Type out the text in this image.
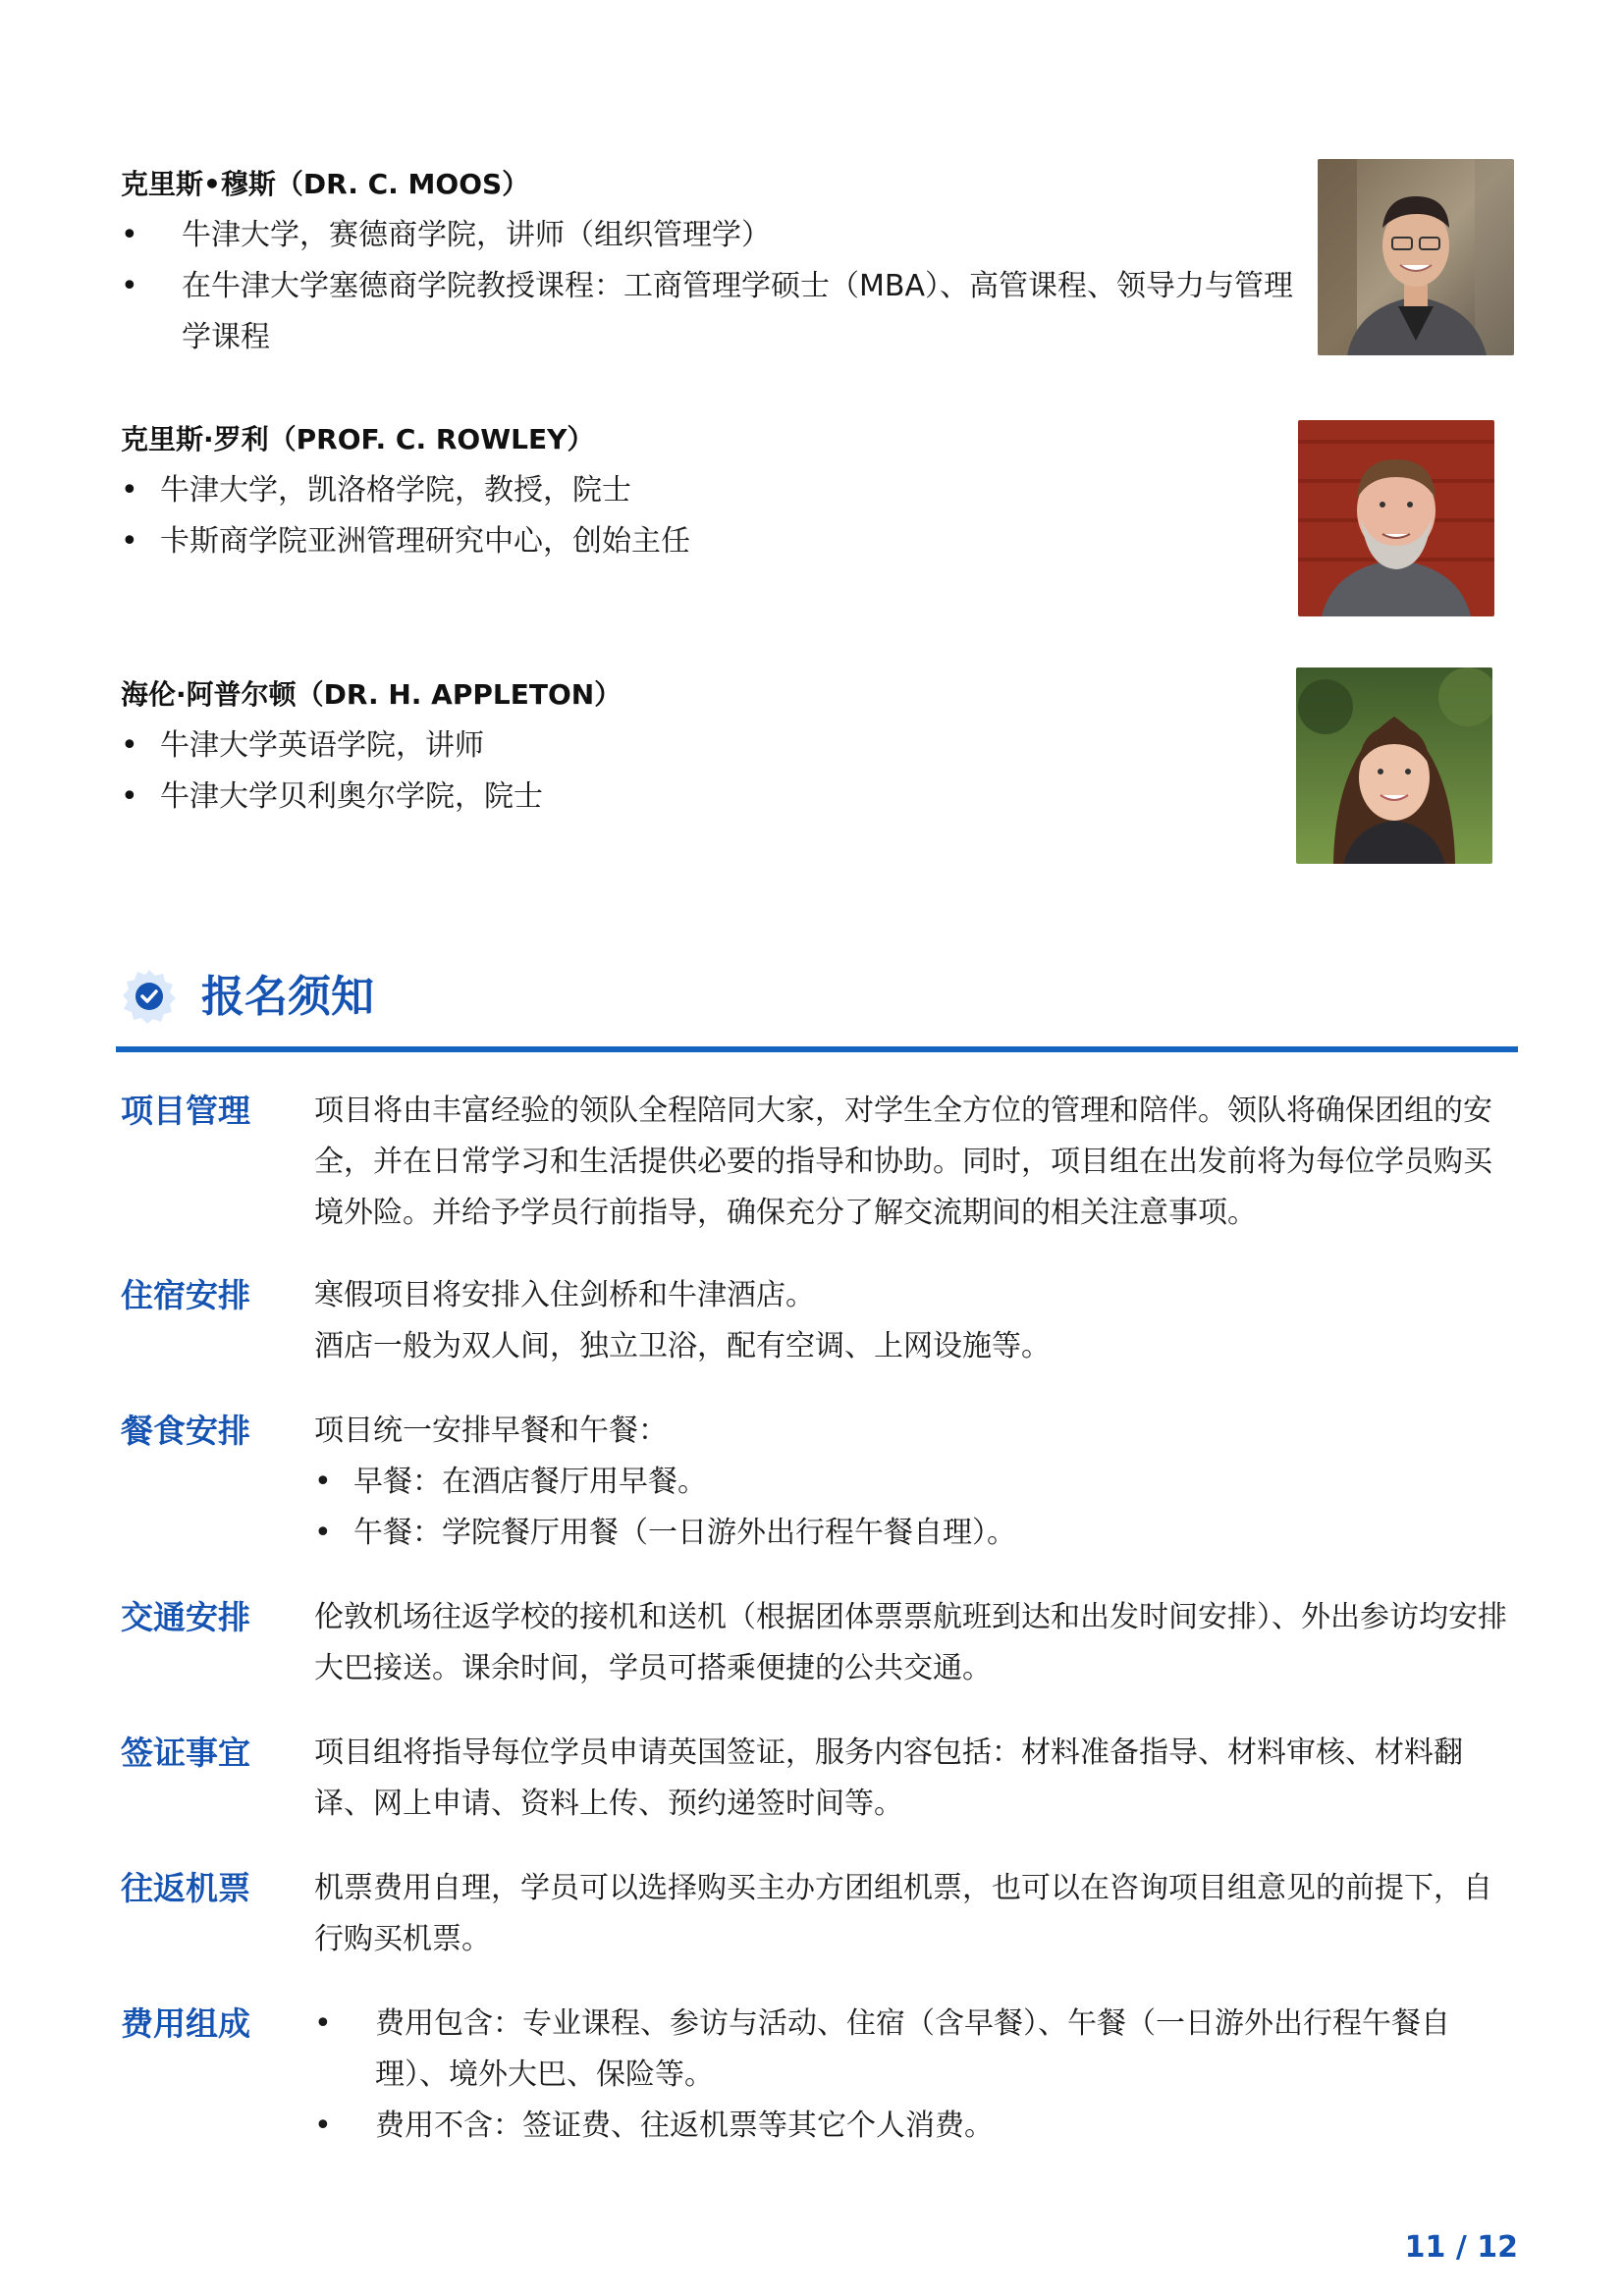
克里斯•穆斯（DR. C. MOOS）

• 牛津大学，赛德商学院，讲师（组织管理学）
• 在牛津大学塞德商学院教授课程：工商管理学硕士（MBA）、高管课程、领导力与管理学课程

克里斯·罗利（PROF. C. ROWLEY）

• 牛津大学，凯洛格学院，教授，院士
• 卡斯商学院亚洲管理研究中心，创始主任

海伦·阿普尔顿（DR. H. APPLETON）

• 牛津大学英语学院，讲师
• 牛津大学贝利奥尔学院，院士
报名须知
项目管理 项目将由丰富经验的领队全程陪同大家，对学生全方位的管理和陪伴。领队将确保团组的安全，并在日常学习和生活提供必要的指导和协助。同时，项目组在出发前将为每位学员购买境外险。并给予学员行前指导，确保充分了解交流期间的相关注意事项。

住宿安排 寒假项目将安排入住剑桥和牛津酒店。

酒店一般为双人间，独立卫浴，配有空调、上网设施等。

餐食安排 项目统一安排早餐和午餐：

• 早餐：在酒店餐厅用早餐。
• 午餐：学院餐厅用餐（一日游外出行程午餐自理）。
交通安排 伦敦机场往返学校的接机和送机（根据团体票票航班到达和出发时间安排）、外出参访均安排大巴接送。课余时间，学员可搭乘便捷的公共交通。

签证事宜 项目组将指导每位学员申请英国签证，服务内容包括：材料准备指导、材料审核、材料翻译、网上申请、资料上传、预约递签时间等。

往返机票 机票费用自理，学员可以选择购买主办方团组机票，也可以在咨询项目组意见的前提下，自行购买机票。

费用组成
•	费用包含：专业课程、参访与活动、住宿（含早餐）、午餐（一日游外出行程午餐自理）、境外大巴、保险等。
• 费用不含：签证费、往返机票等其它个人消费。
11 / 12
